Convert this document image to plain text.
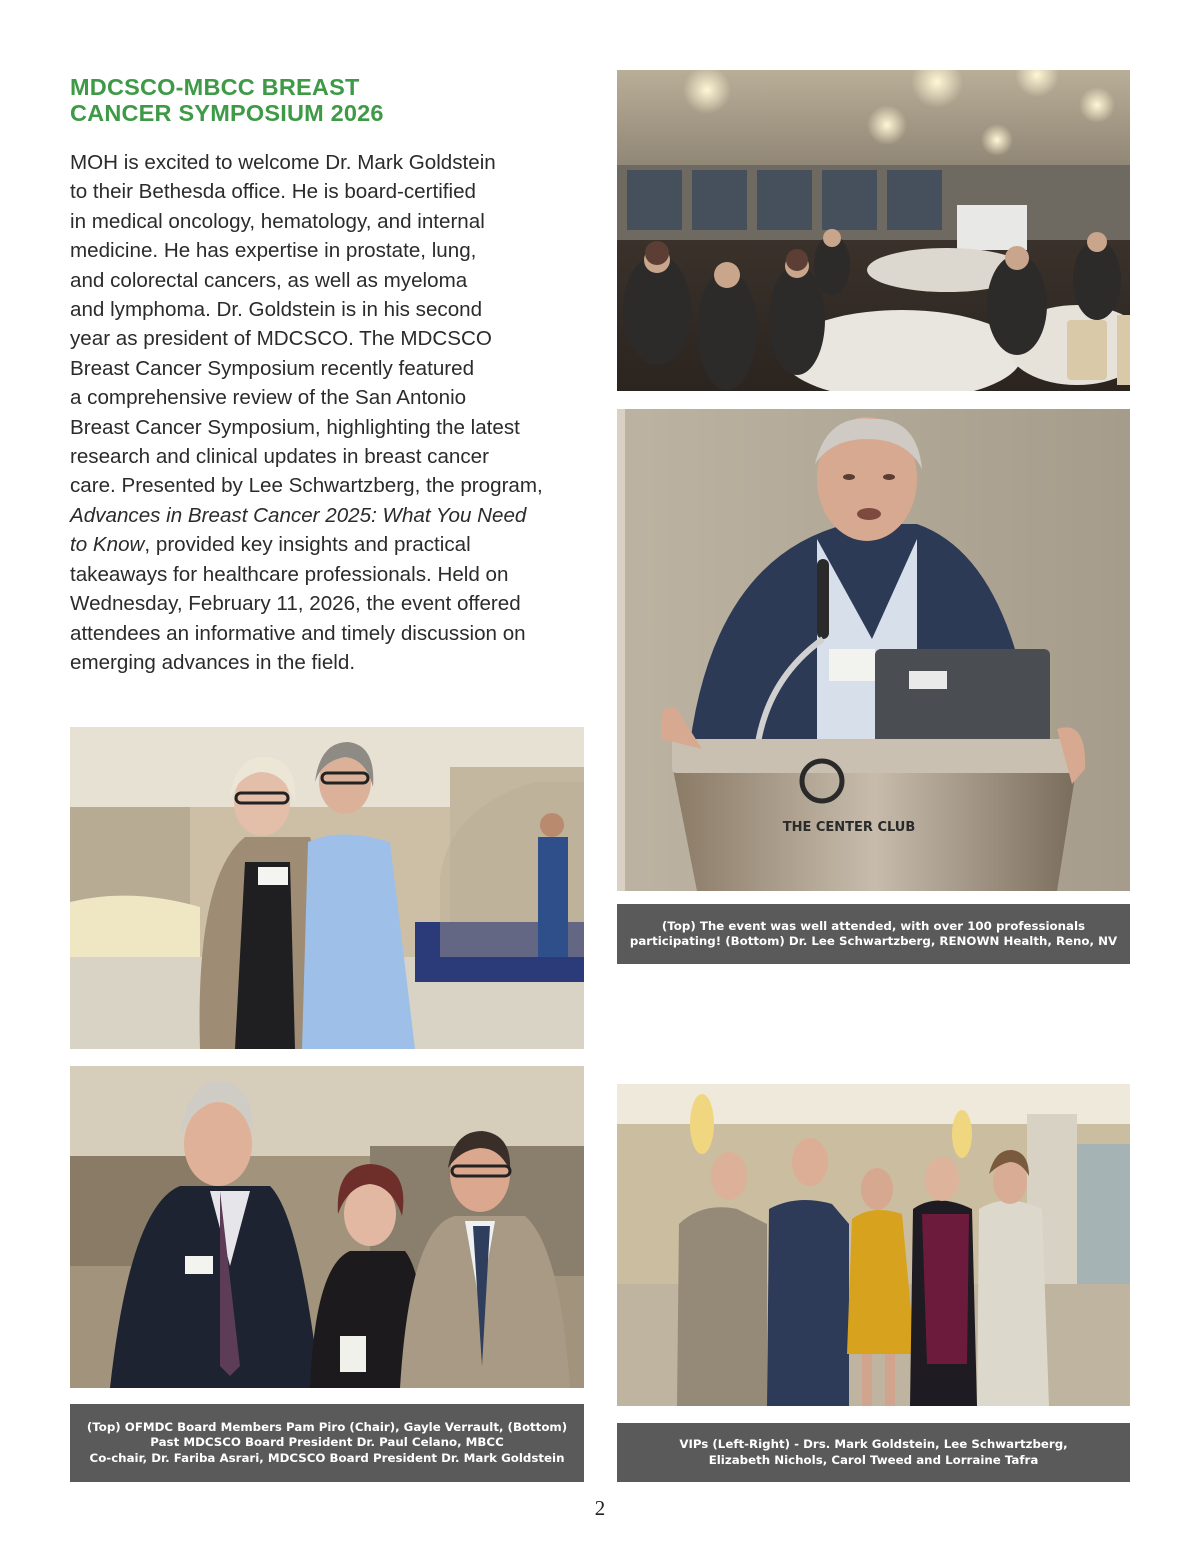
MDCSCO-MBCC BREAST
CANCER SYMPOSIUM 2026
MOH is excited to welcome Dr. Mark Goldstein
to their Bethesda office. He is board-certified
in medical oncology, hematology, and internal
medicine. He has expertise in prostate, lung,
and colorectal cancers, as well as myeloma
and lymphoma. Dr. Goldstein is in his second
year as president of MDCSCO. The MDCSCO
Breast Cancer Symposium recently featured
a comprehensive review of the San Antonio
Breast Cancer Symposium, highlighting the latest
research and clinical updates in breast cancer
care. Presented by Lee Schwartzberg, the program,
Advances in Breast Cancer 2025: What You Need
to Know, provided key insights and practical
takeaways for healthcare professionals. Held on
Wednesday, February 11, 2026, the event offered
attendees an informative and timely discussion on
emerging advances in the field.
THE CENTER CLUB
(Top) The event was well attended, with over 100 professionals
participating! (Bottom) Dr. Lee Schwartzberg, RENOWN Health, Reno, NV
(Top) OFMDC Board Members Pam Piro (Chair), Gayle Verrault, (Bottom)
Past MDCSCO Board President Dr. Paul Celano, MBCC
Co-chair, Dr. Fariba Asrari, MDCSCO Board President Dr. Mark Goldstein
VIPs (Left-Right) - Drs. Mark Goldstein, Lee Schwartzberg,
Elizabeth Nichols, Carol Tweed and Lorraine Tafra
2
